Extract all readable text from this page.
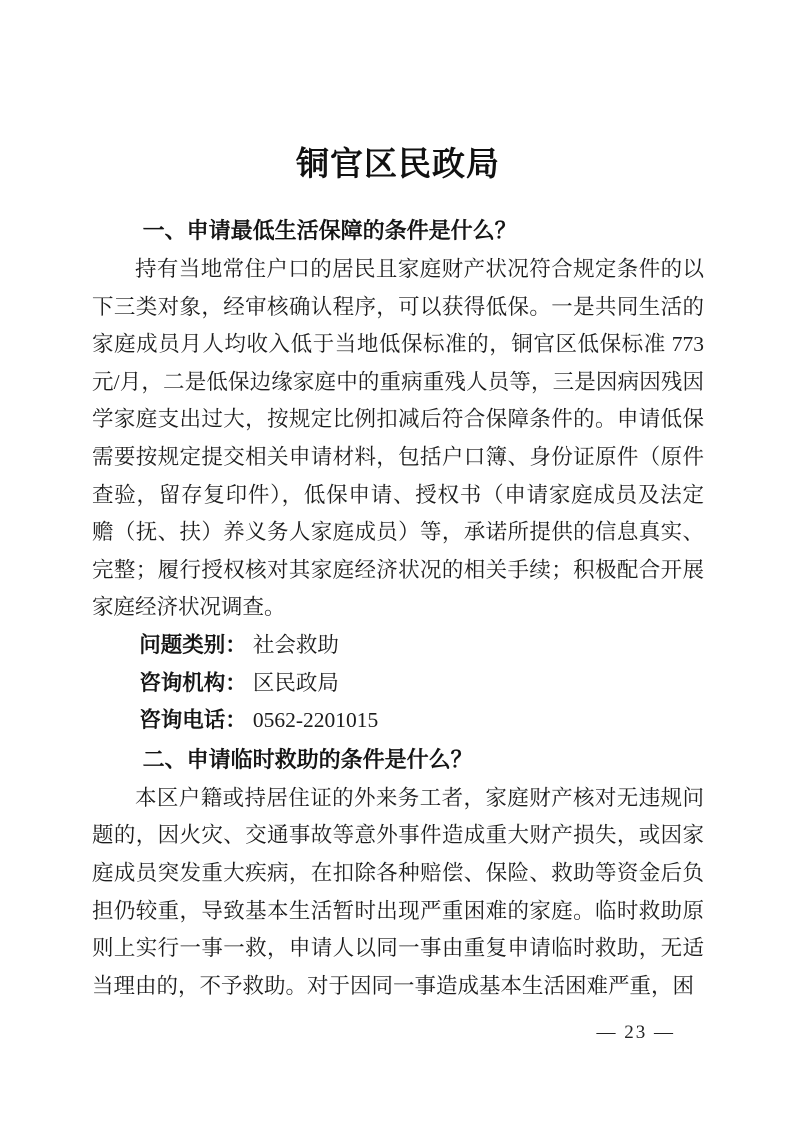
铜官区民政局
一、申请最低生活保障的条件是什么？

持有当地常住户口的居民且家庭财产状况符合规定条件的以下三类对象，经审核确认程序，可以获得低保。一是共同生活的家庭成员月人均收入低于当地低保标准的，铜官区低保标准 773 元/月，二是低保边缘家庭中的重病重残人员等，三是因病因残因学家庭支出过大，按规定比例扣减后符合保障条件的。申请低保需要按规定提交相关申请材料，包括户口簿、身份证原件（原件查验，留存复印件），低保申请、授权书（申请家庭成员及法定赡（抚、扶）养义务人家庭成员）等，承诺所提供的信息真实、完整；履行授权核对其家庭经济状况的相关手续；积极配合开展家庭经济状况调查。

问题类别： 社会救助
咨询机构： 区民政局
咨询电话： 0562-2201015
二、申请临时救助的条件是什么？

本区户籍或持居住证的外来务工者，家庭财产核对无违规问题的，因火灾、交通事故等意外事件造成重大财产损失，或因家庭成员突发重大疾病，在扣除各种赔偿、保险、救助等资金后负担仍较重，导致基本生活暂时出现严重困难的家庭。临时救助原则上实行一事一救，申请人以同一事由重复申请临时救助，无适当理由的，不予救助。对于因同一事造成基本生活困难严重，困

— 23 —
